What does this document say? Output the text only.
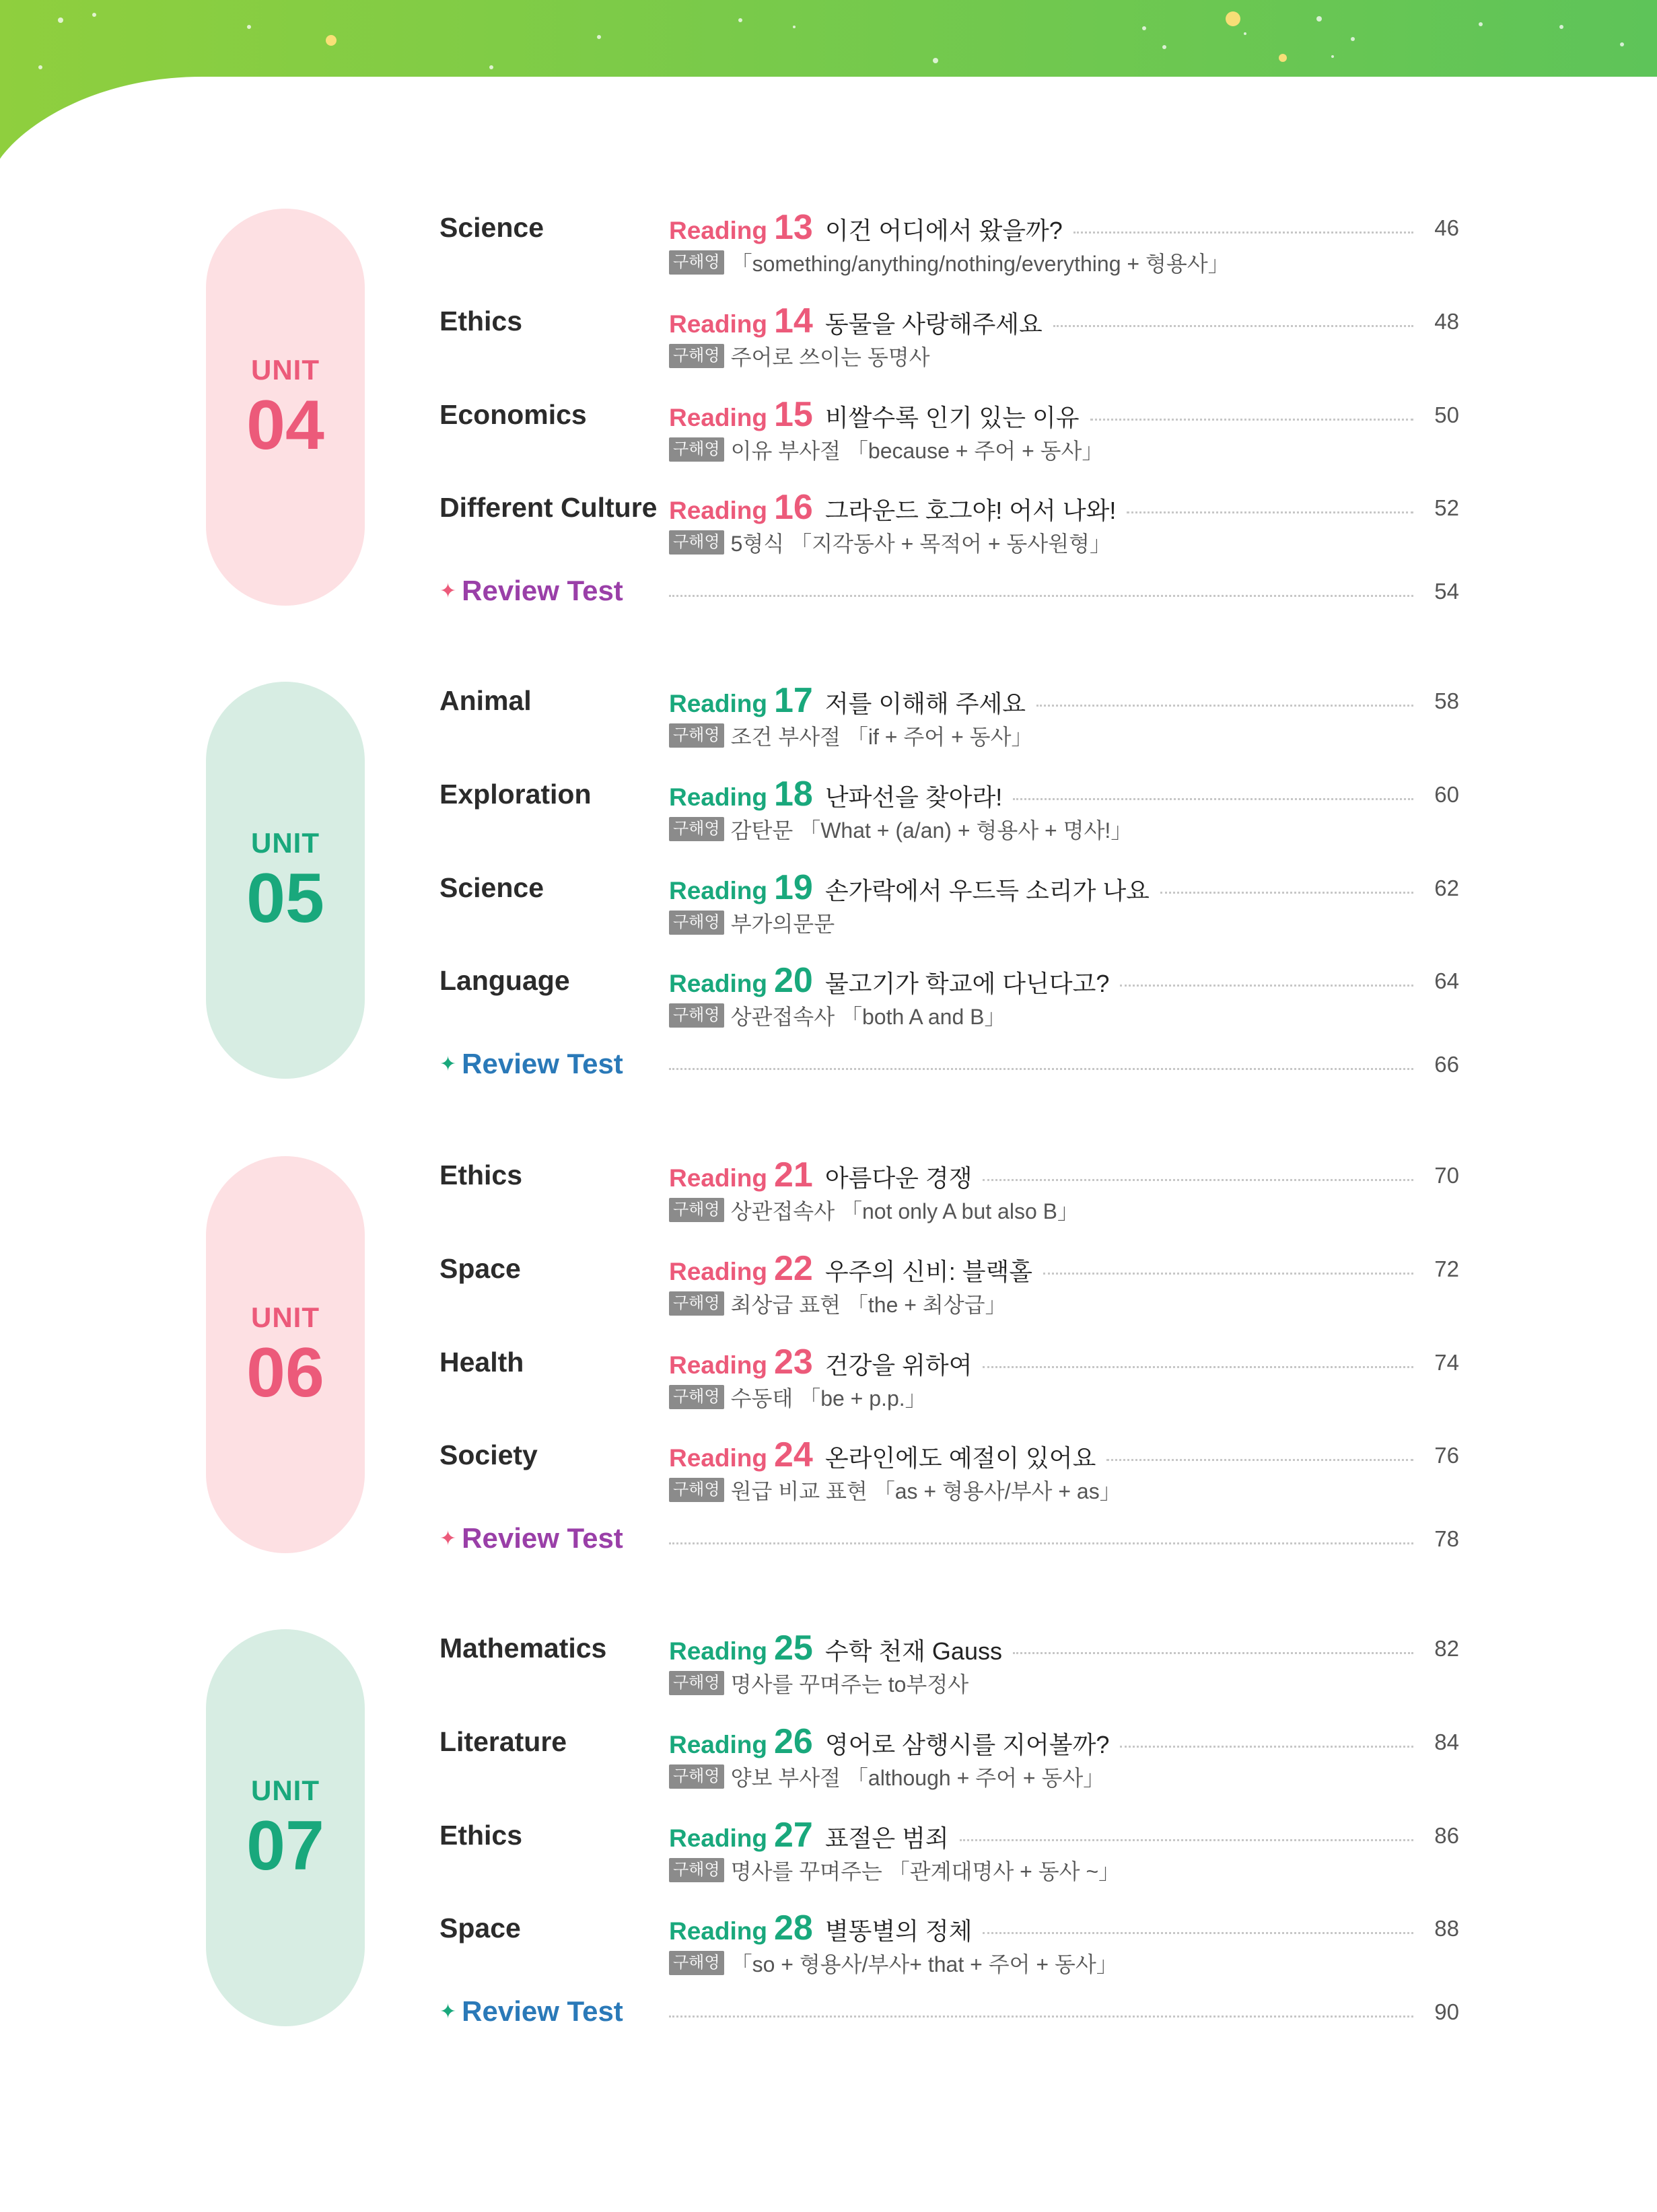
UNIT
04
Science	Reading 13 이건 어디에서 왔을까?	46
구해영 「something/anything/nothing/everything + 형용사」
Ethics	Reading 14 동물을 사랑해주세요	48
구해영 주어로 쓰이는 동명사
Economics	Reading 15 비쌀수록 인기 있는 이유	50
구해영 이유 부사절 「because + 주어 + 동사」
Different Culture Reading 16 그라운드 호그야! 어서 나와!	52
구해영 5형식 「지각동사 + 목적어 + 동사원형」
✦ Review Test	54
UNIT
05
Animal	Reading 17 저를 이해해 주세요	58
구해영 조건 부사절 「if + 주어 + 동사」
Exploration	Reading 18 난파선을 찾아라!	60
구해영 감탄문 「What + (a/an) + 형용사 + 명사!」
Science	Reading 19 손가락에서 우드득 소리가 나요	62
구해영 부가의문문
Language	Reading 20 물고기가 학교에 다닌다고?	64
구해영 상관접속사 「both A and B」
✦ Review Test	66
UNIT
06
Ethics	Reading 21 아름다운 경쟁	70
구해영 상관접속사 「not only A but also B」
Space	Reading 22 우주의 신비: 블랙홀	72
구해영 최상급 표현 「the + 최상급」
Health	Reading 23 건강을 위하여	74
구해영 수동태 「be + p.p.」
Society	Reading 24 온라인에도 예절이 있어요	76
구해영 원급 비교 표현 「as + 형용사/부사 + as」
✦ Review Test	78
UNIT
07
Mathematics	Reading 25 수학 천재 Gauss	82
구해영 명사를 꾸며주는 to부정사
Literature	Reading 26 영어로 삼행시를 지어볼까?	84
구해영 양보 부사절 「although + 주어 + 동사」
Ethics	Reading 27 표절은 범죄	86
구해영 명사를 꾸며주는 「관계대명사 + 동사 ~」
Space	Reading 28 별똥별의 정체	88
구해영 「so + 형용사/부사+ that + 주어 + 동사」
✦ Review Test	90
